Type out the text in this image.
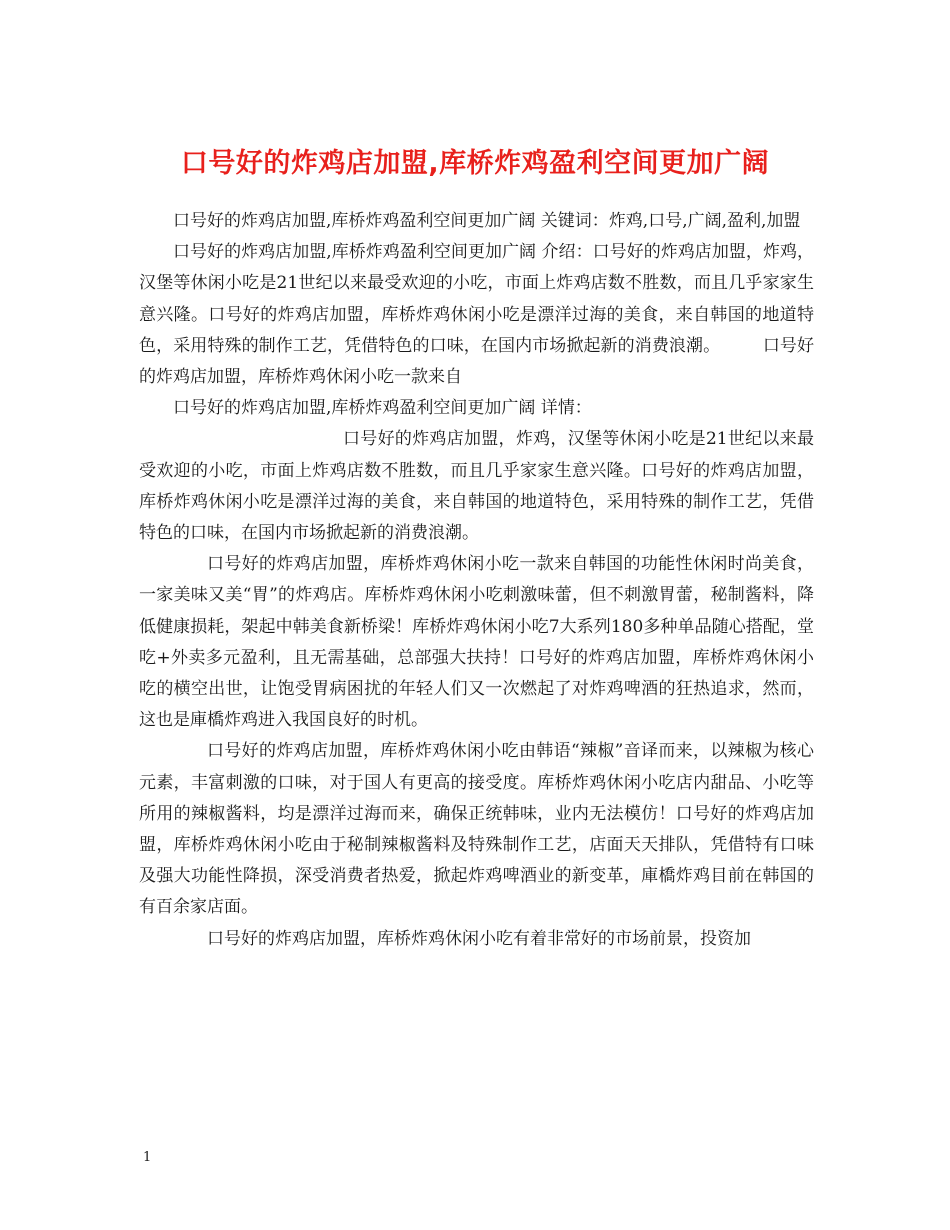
口号好的炸鸡店加盟,库桥炸鸡盈利空间更加广阔

口号好的炸鸡店加盟,库桥炸鸡盈利空间更加广阔 关键词：炸鸡,口号,广阔,盈利,加盟

口号好的炸鸡店加盟,库桥炸鸡盈利空间更加广阔 介绍：口号好的炸鸡店加盟，炸鸡，汉堡等休闲小吃是21世纪以来最受欢迎的小吃，市面上炸鸡店数不胜数，而且几乎家家生意兴隆。口号好的炸鸡店加盟，库桥炸鸡休闲小吃是漂洋过海的美食，来自韩国的地道特色，采用特殊的制作工艺，凭借特色的口味，在国内市场掀起新的消费浪潮。	口号好的炸鸡店加盟，库桥炸鸡休闲小吃一款来自

口号好的炸鸡店加盟,库桥炸鸡盈利空间更加广阔 详情：

口号好的炸鸡店加盟，炸鸡，汉堡等休闲小吃是21世纪以来最受欢迎的小吃，市面上炸鸡店数不胜数，而且几乎家家生意兴隆。口号好的炸鸡店加盟，库桥炸鸡休闲小吃是漂洋过海的美食，来自韩国的地道特色，采用特殊的制作工艺，凭借特色的口味，在国内市场掀起新的消费浪潮。

口号好的炸鸡店加盟，库桥炸鸡休闲小吃一款来自韩国的功能性休闲时尚美食，一家美味又美“胃”的炸鸡店。库桥炸鸡休闲小吃刺激味蕾，但不刺激胃蕾，秘制酱料，降低健康损耗，架起中韩美食新桥梁！库桥炸鸡休闲小吃7大系列180多种单品随心搭配，堂吃+外卖多元盈利，且无需基础，总部强大扶持！口号好的炸鸡店加盟，库桥炸鸡休闲小吃的横空出世，让饱受胃病困扰的年轻人们又一次燃起了对炸鸡啤酒的狂热追求，然而，这也是庫橋炸鸡进入我国良好的时机。

口号好的炸鸡店加盟，库桥炸鸡休闲小吃由韩语“辣椒”音译而来，以辣椒为核心元素，丰富刺激的口味，对于国人有更高的接受度。库桥炸鸡休闲小吃店内甜品、小吃等所用的辣椒酱料，均是漂洋过海而来，确保正统韩味，业内无法模仿！口号好的炸鸡店加盟，库桥炸鸡休闲小吃由于秘制辣椒酱料及特殊制作工艺，店面天天排队，凭借特有口味及强大功能性降损，深受消费者热爱，掀起炸鸡啤酒业的新变革，庫橋炸鸡目前在韩国的有百余家店面。

口号好的炸鸡店加盟，库桥炸鸡休闲小吃有着非常好的市场前景，投资加

1
